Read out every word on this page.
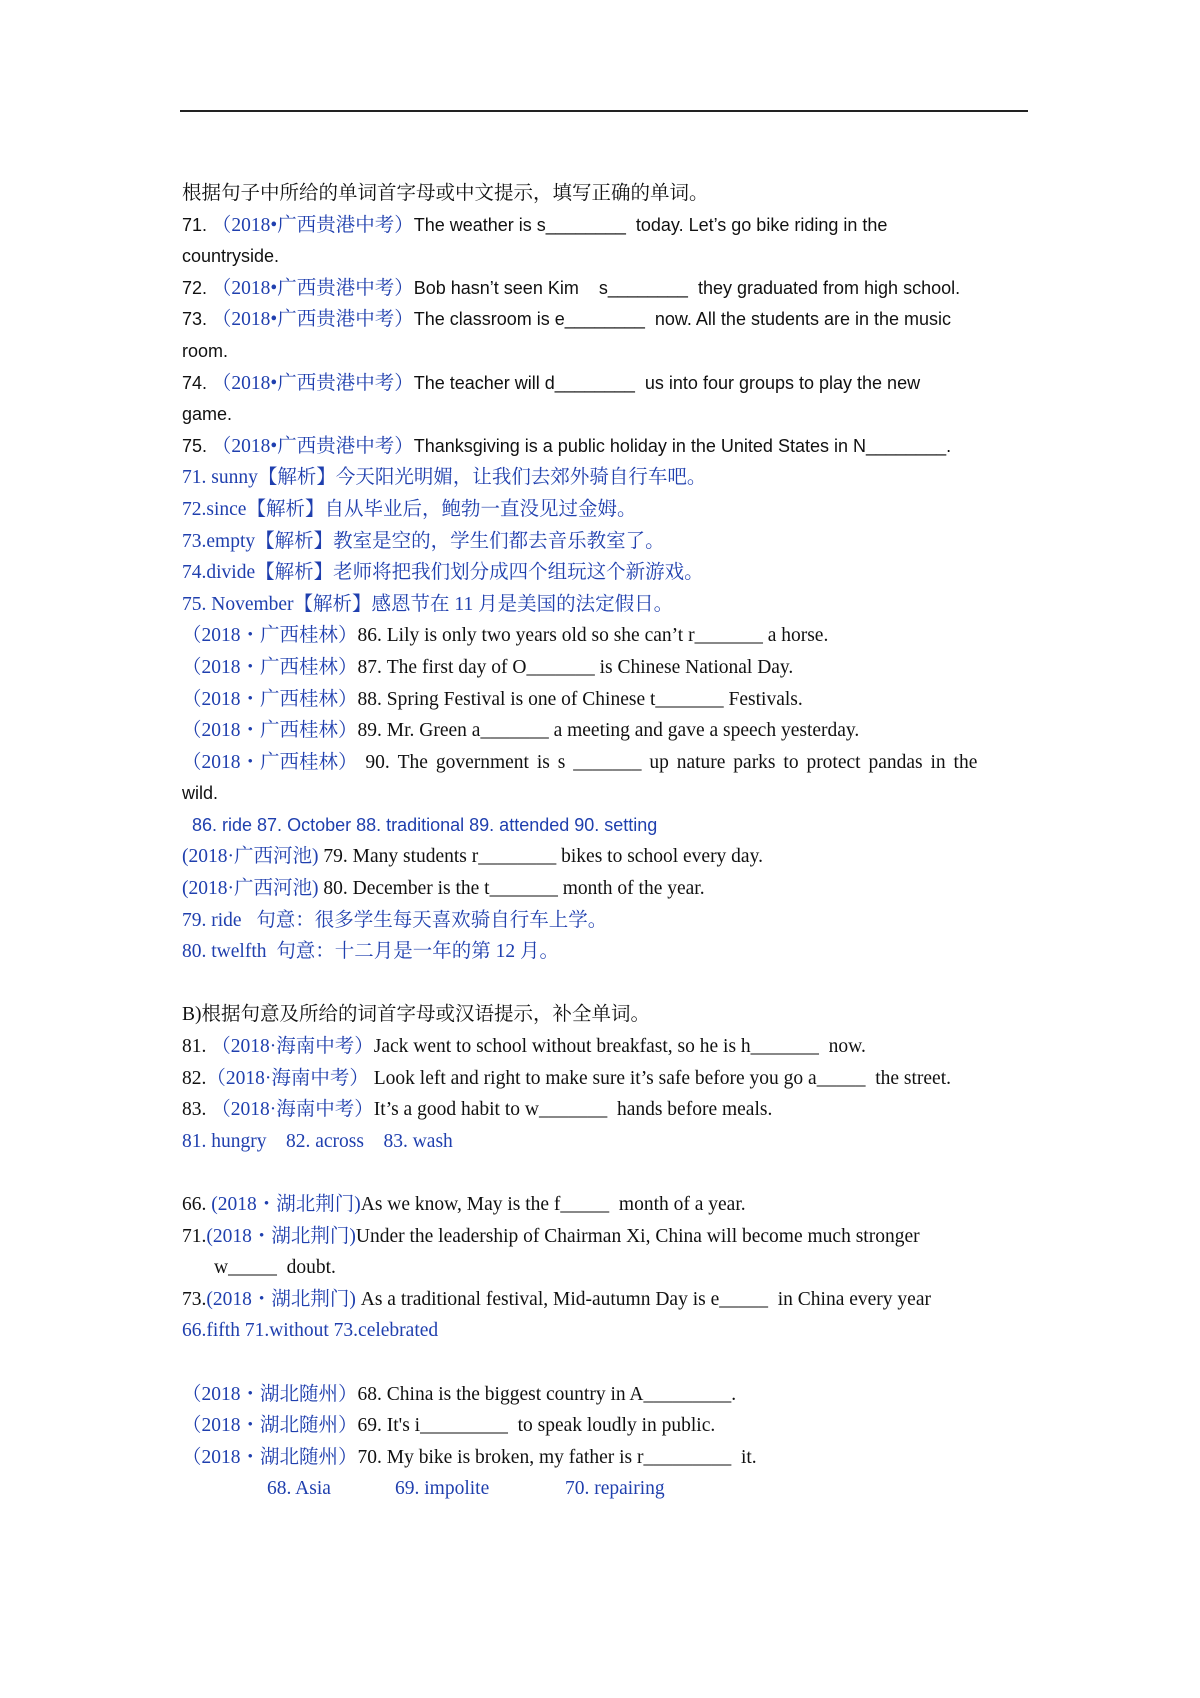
根据句子中所给的单词首字母或中文提示，填写正确的单词。
71. （2018•广西贵港中考）The weather is s________  today. Let’s go bike riding in the
countryside.
72. （2018•广西贵港中考）Bob hasn’t seen Kim    s________  they graduated from high school.
73. （2018•广西贵港中考）The classroom is e________  now. All the students are in the music
room.
74. （2018•广西贵港中考）The teacher will d________  us into four groups to play the new
game.
75. （2018•广西贵港中考）Thanksgiving is a public holiday in the United States in N________.
71. sunny【解析】今天阳光明媚，让我们去郊外骑自行车吧。
72.since【解析】自从毕业后，鲍勃一直没见过金姆。
73.empty【解析】教室是空的，学生们都去音乐教室了。
74.divide【解析】老师将把我们划分成四个组玩这个新游戏。
75. November【解析】感恩节在 11 月是美国的法定假日。
（2018・广西桂林）86. Lily is only two years old so she can’t r_______ a horse.
（2018・广西桂林）87. The first day of O_______ is Chinese National Day.
（2018・广西桂林）88. Spring Festival is one of Chinese t_______ Festivals.
（2018・广西桂林）89. Mr. Green a_______ a meeting and gave a speech yesterday.
（2018・广西桂林） 90. The government is s _______ up nature parks to protect pandas in the
wild.
86. ride 87. October 88. traditional 89. attended 90. setting
(2018·广西河池) 79. Many students r________ bikes to school every day.
(2018·广西河池) 80. December is the t_______ month of the year.
79. ride   句意：很多学生每天喜欢骑自行车上学。
80. twelfth  句意：十二月是一年的第 12 月。
B)根据句意及所给的词首字母或汉语提示，补全单词。
81. （2018·海南中考）Jack went to school without breakfast, so he is h_______  now.
82.（2018·海南中考） Look left and right to make sure it’s safe before you go a_____  the street.
83. （2018·海南中考）It’s a good habit to w_______  hands before meals.
81. hungry    82. across    83. wash
66. (2018・湖北荆门)As we know, May is the f_____  month of a year.
71.(2018・湖北荆门)Under the leadership of Chairman Xi, China will become much stronger
w_____  doubt.
73.(2018・湖北荆门) As a traditional festival, Mid-autumn Day is e_____  in China every year
66.fifth 71.without 73.celebrated
（2018・湖北随州）68. China is the biggest country in A_________.
（2018・湖北随州）69. It's i_________  to speak loudly in public.
（2018・湖北随州）70. My bike is broken, my father is r_________  it.
68. Asia	69. impolite	70. repairing
